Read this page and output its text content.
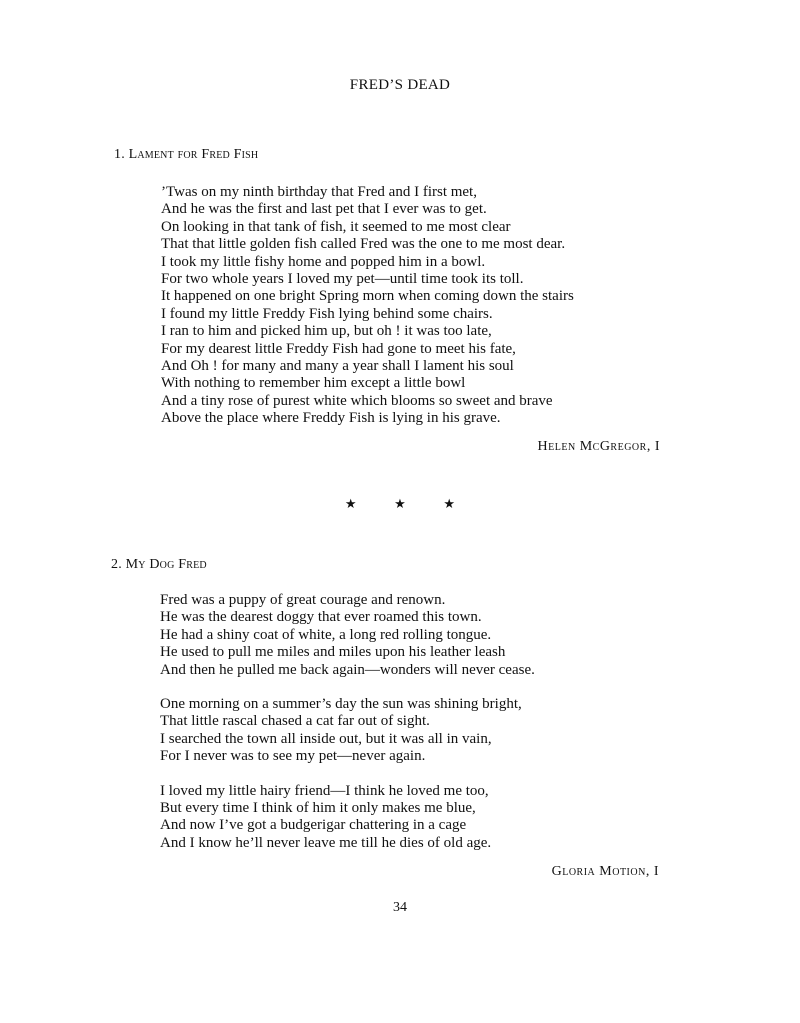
FRED’S DEAD
1. Lament for Fred Fish
’Twas on my ninth birthday that Fred and I first met,
And he was the first and last pet that I ever was to get.
On looking in that tank of fish, it seemed to me most clear
That that little golden fish called Fred was the one to me most dear.
I took my little fishy home and popped him in a bowl.
For two whole years I loved my pet—until time took its toll.
It happened on one bright Spring morn when coming down the stairs
I found my little Freddy Fish lying behind some chairs.
I ran to him and picked him up, but oh ! it was too late,
For my dearest little Freddy Fish had gone to meet his fate,
And Oh ! for many and many a year shall I lament his soul
With nothing to remember him except a little bowl
And a tiny rose of purest white which blooms so sweet and brave
Above the place where Freddy Fish is lying in his grave.
Helen McGregor, I
★	★	★
2. My Dog Fred
Fred was a puppy of great courage and renown.
He was the dearest doggy that ever roamed this town.
He had a shiny coat of white, a long red rolling tongue.
He used to pull me miles and miles upon his leather leash
And then he pulled me back again—wonders will never cease.
One morning on a summer’s day the sun was shining bright,
That little rascal chased a cat far out of sight.
I searched the town all inside out, but it was all in vain,
For I never was to see my pet—never again.
I loved my little hairy friend—I think he loved me too,
But every time I think of him it only makes me blue,
And now I’ve got a budgerigar chattering in a cage
And I know he’ll never leave me till he dies of old age.
Gloria Motion, I
34
